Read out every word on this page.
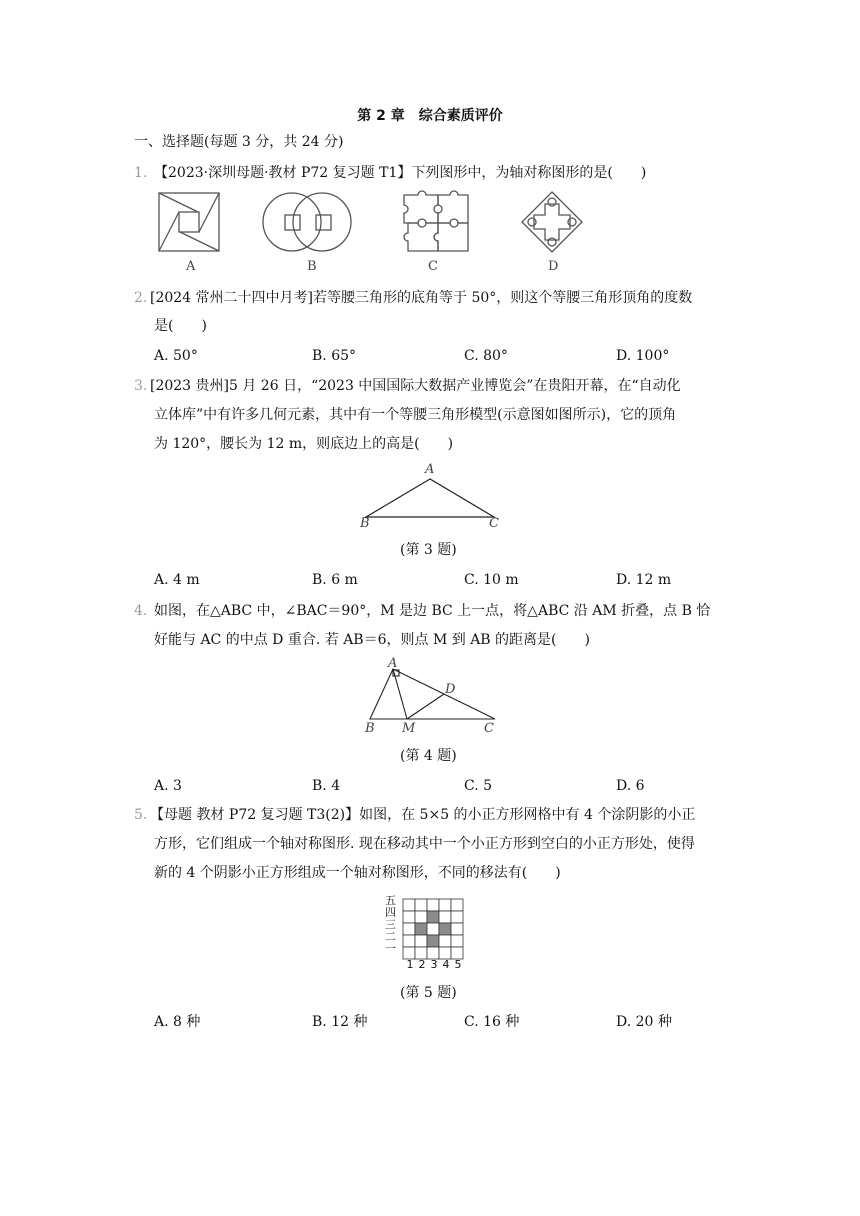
第 2 章　综合素质评价
一、选择题(每题 3 分，共 24 分)
1. 【2023·深圳母题·教材 P72 复习题 T1】下列图形中，为轴对称图形的是(　　)
A	B	C	D
2. [2024 常州二十四中月考]若等腰三角形的底角等于 50°，则这个等腰三角形顶角的度数
是(　　)
A. 50°	B. 65°	C. 80°	D. 100°
3. [2023 贵州]5 月 26 日，“2023 中国国际大数据产业博览会”在贵阳开幕，在“自动化
立体库”中有许多几何元素，其中有一个等腰三角形模型(示意图如图所示)，它的顶角
为 120°，腰长为 12 m，则底边上的高是(　　)
A
B	C
(第 3 题)
A. 4 m	B. 6 m	C. 10 m	D. 12 m
4. 如图，在△ABC 中，∠BAC＝90°，M 是边 BC 上一点，将△ABC 沿 AM 折叠，点 B 恰
好能与 AC 的中点 D 重合. 若 AB＝6，则点 M 到 AB 的距离是(　　)
A
D
B M	C
(第 4 题)
A. 3	B. 4	C. 5	D. 6
5. 【母题 教材 P72 复习题 T3(2)】如图，在 5×5 的小正方形网格中有 4 个涂阴影的小正
方形，它们组成一个轴对称图形. 现在移动其中一个小正方形到空白的小正方形处，使得
新的 4 个阴影小正方形组成一个轴对称图形，不同的移法有(　　)
五
四
三
二
一
1 2 3 4 5
(第 5 题)
A. 8 种	B. 12 种	C. 16 种	D. 20 种
